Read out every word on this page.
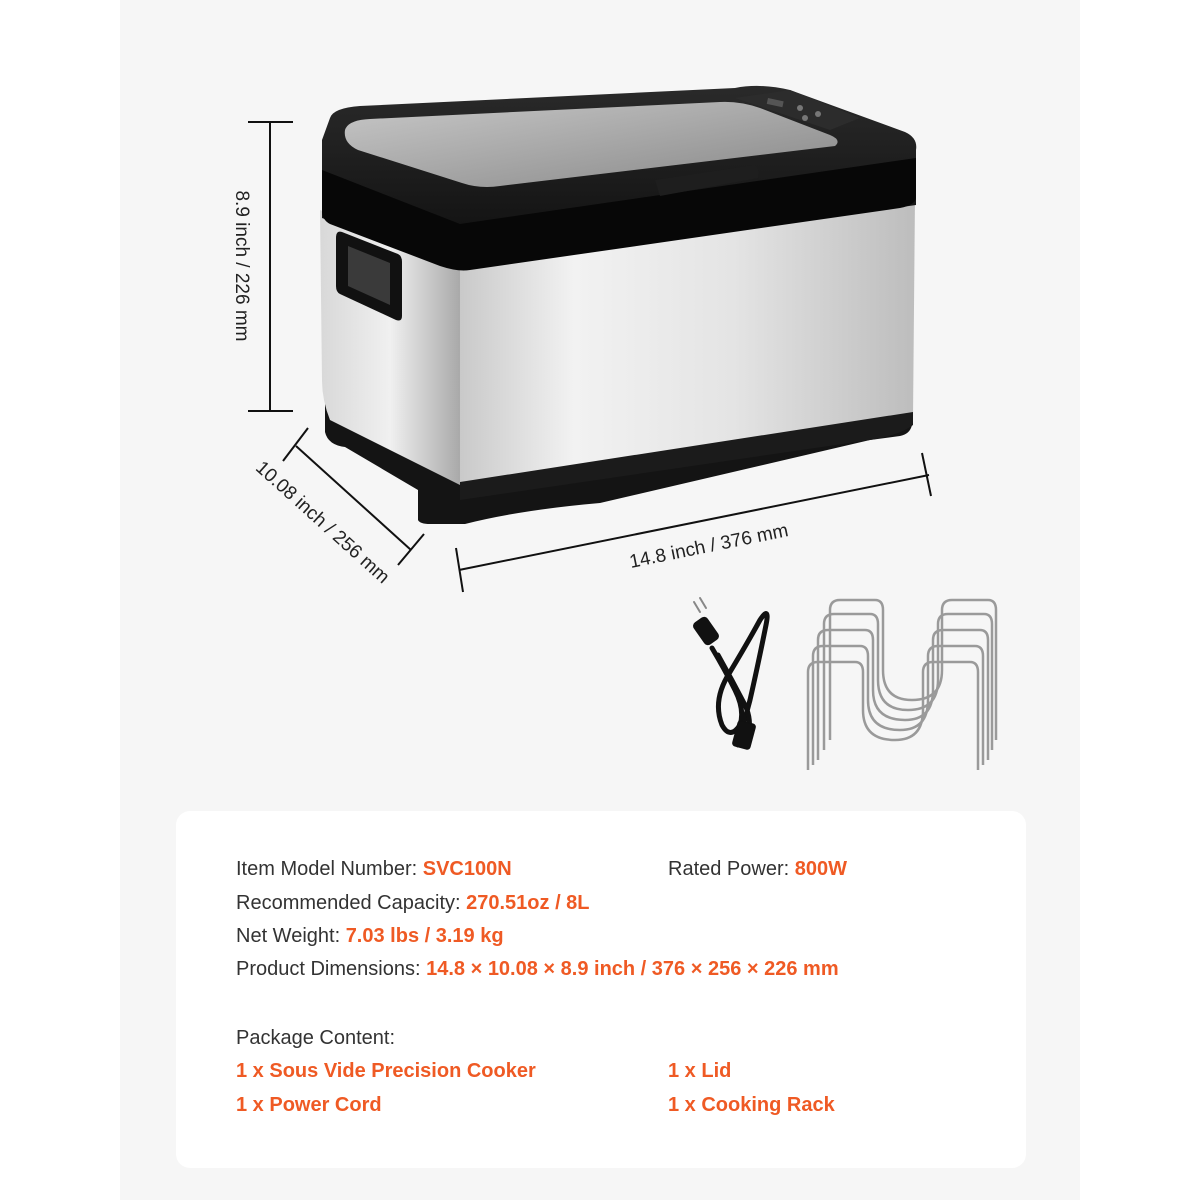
8.9 inch / 226 mm
10.08 inch / 256 mm	14.8 inch / 376 mm
Item Model Number: SVC100N	Rated Power: 800W
Recommended Capacity: 270.51oz / 8L
Net Weight: 7.03 lbs / 3.19 kg
Product Dimensions: 14.8 × 10.08 × 8.9 inch / 376 × 256 × 226 mm
Package Content:
1 x Sous Vide Precision Cooker	1 x Lid
1 x Power Cord	1 x Cooking Rack
